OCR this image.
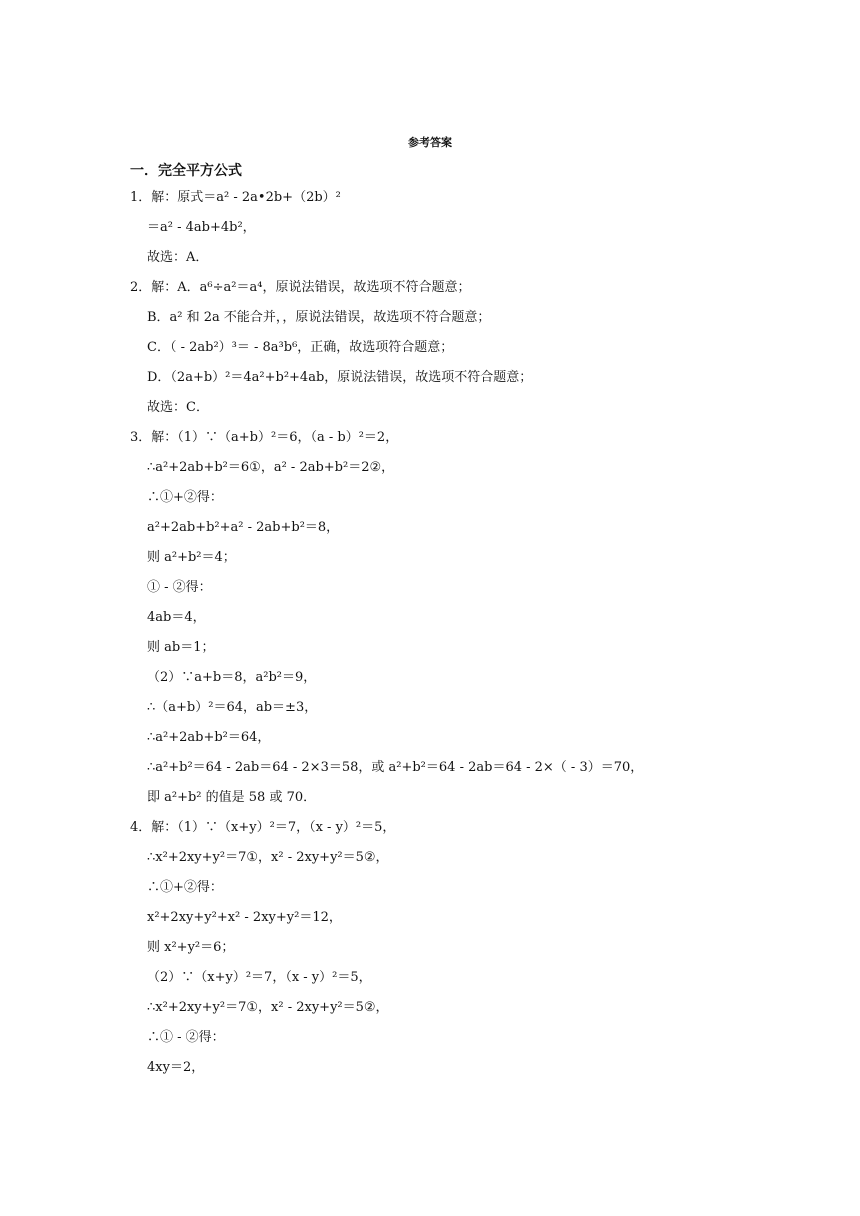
参考答案
一．完全平方公式
1．解：原式＝a² - 2a•2b+（2b）²
＝a² - 4ab+4b²，
故选：A．
2．解：A．a⁶÷a²＝a⁴，原说法错误，故选项不符合题意；
B．a² 和 2a 不能合并，，原说法错误，故选项不符合题意；
C．（ - 2ab²）³＝ - 8a³b⁶，正确，故选项符合题意；
D．（2a+b）²＝4a²+b²+4ab，原说法错误，故选项不符合题意；
故选：C．
3．解：（1）∵（a+b）²＝6，（a - b）²＝2，
∴a²+2ab+b²＝6①，a² - 2ab+b²＝2②，
∴①+②得：
a²+2ab+b²+a² - 2ab+b²＝8，
则 a²+b²＝4；
① - ②得：
4ab＝4，
则 ab＝1；
（2）∵a+b＝8，a²b²＝9，
∴（a+b）²＝64，ab＝±3，
∴a²+2ab+b²＝64，
∴a²+b²＝64 - 2ab＝64 - 2×3＝58，或 a²+b²＝64 - 2ab＝64 - 2×（ - 3）＝70，
即 a²+b² 的值是 58 或 70．
4．解：（1）∵（x+y）²＝7，（x - y）²＝5，
∴x²+2xy+y²＝7①，x² - 2xy+y²＝5②，
∴①+②得：
x²+2xy+y²+x² - 2xy+y²＝12，
则 x²+y²＝6；
（2）∵（x+y）²＝7，（x - y）²＝5，
∴x²+2xy+y²＝7①，x² - 2xy+y²＝5②，
∴① - ②得：
4xy＝2，
